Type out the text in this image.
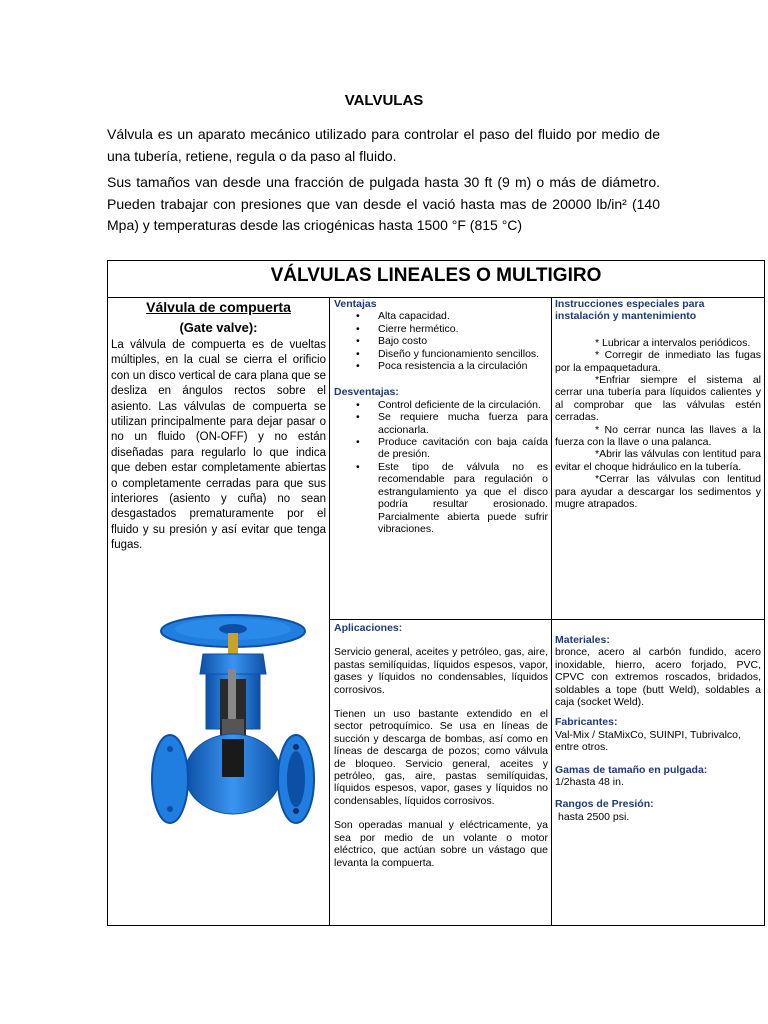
VALVULAS

Válvula es un aparato mecánico utilizado para controlar el paso del fluido por medio de una tubería, retiene, regula o da paso al fluido.

Sus tamaños van desde una fracción de pulgada hasta 30 ft (9 m) o más de diámetro. Pueden trabajar con presiones que van desde el vació hasta mas de 20000 lb/in² (140 Mpa) y temperaturas desde las criogénicas hasta 1500 °F (815 °C)

VÁLVULAS LINEALES O MULTIGIRO
Válvula de compuerta
(Gate valve):
La válvula de compuerta es de vueltas múltiples, en la cual se cierra el orificio con un disco vertical de cara plana que se desliza en ángulos rectos sobre el asiento. Las válvulas de compuerta se utilizan principalmente para dejar pasar o no un fluido (ON-OFF) y no están diseñadas para regularlo lo que indica que deben estar completamente abiertas o completamente cerradas para que sus interiores (asiento y cuña) no sean desgastados prematuramente por el fluido y su presión y así evitar que tenga fugas.
Ventajas
• Alta capacidad.
• Cierre hermético.
• Bajo costo
• Diseño y funcionamiento sencillos.
• Poca resistencia a la circulación
Desventajas:
• Control deficiente de la circulación.
• Se requiere mucha fuerza para accionarla.
• Produce cavitación con baja caída de presión.
• Este tipo de válvula no es recomendable para regulación o estrangulamiento ya que el disco podría resultar erosionado. Parcialmente abierta puede sufrir vibraciones.
Instrucciones especiales para instalación y mantenimiento

* Lubricar a intervalos periódicos.

* Corregir de inmediato las fugas por la empaquetadura.

*Enfriar siempre el sistema al cerrar una tubería para líquidos calientes y al comprobar que las válvulas estén cerradas.

* No cerrar nunca las llaves a la fuerza con la llave o una palanca.

*Abrir las válvulas con lentitud para evitar el choque hidráulico en la tubería.

*Cerrar las válvulas con lentitud para ayudar a descargar los sedimentos y mugre atrapados.

Aplicaciones:

Servicio general, aceites y petróleo, gas, aire, pastas semilíquidas, líquidos espesos, vapor, gases y líquidos no condensables, líquidos corrosivos.

Tienen un uso bastante extendido en el sector petroquímico. Se usa en líneas de succión y descarga de bombas, así como en líneas de descarga de pozos; como válvula de bloqueo. Servicio general, aceites y petróleo, gas, aire, pastas semilíquidas, líquidos espesos, vapor, gases y líquidos no condensables, líquidos corrosivos.

Son operadas manual y eléctricamente, ya sea por medio de un volante o motor eléctrico, que actúan sobre un vástago que levanta la compuerta.

Materiales:

bronce, acero al carbón fundido, acero inoxidable, hierro, acero forjado, PVC, CPVC con extremos roscados, bridados, soldables a tope (butt Weld), soldables a caja (socket Weld).

Fabricantes:

Val-Mix / StaMixCo, SUINPI, Tubrivalco, entre otros.

Gamas de tamaño en pulgada:

1/2hasta 48 in.

Rangos de Presión:

hasta 2500 psi.
